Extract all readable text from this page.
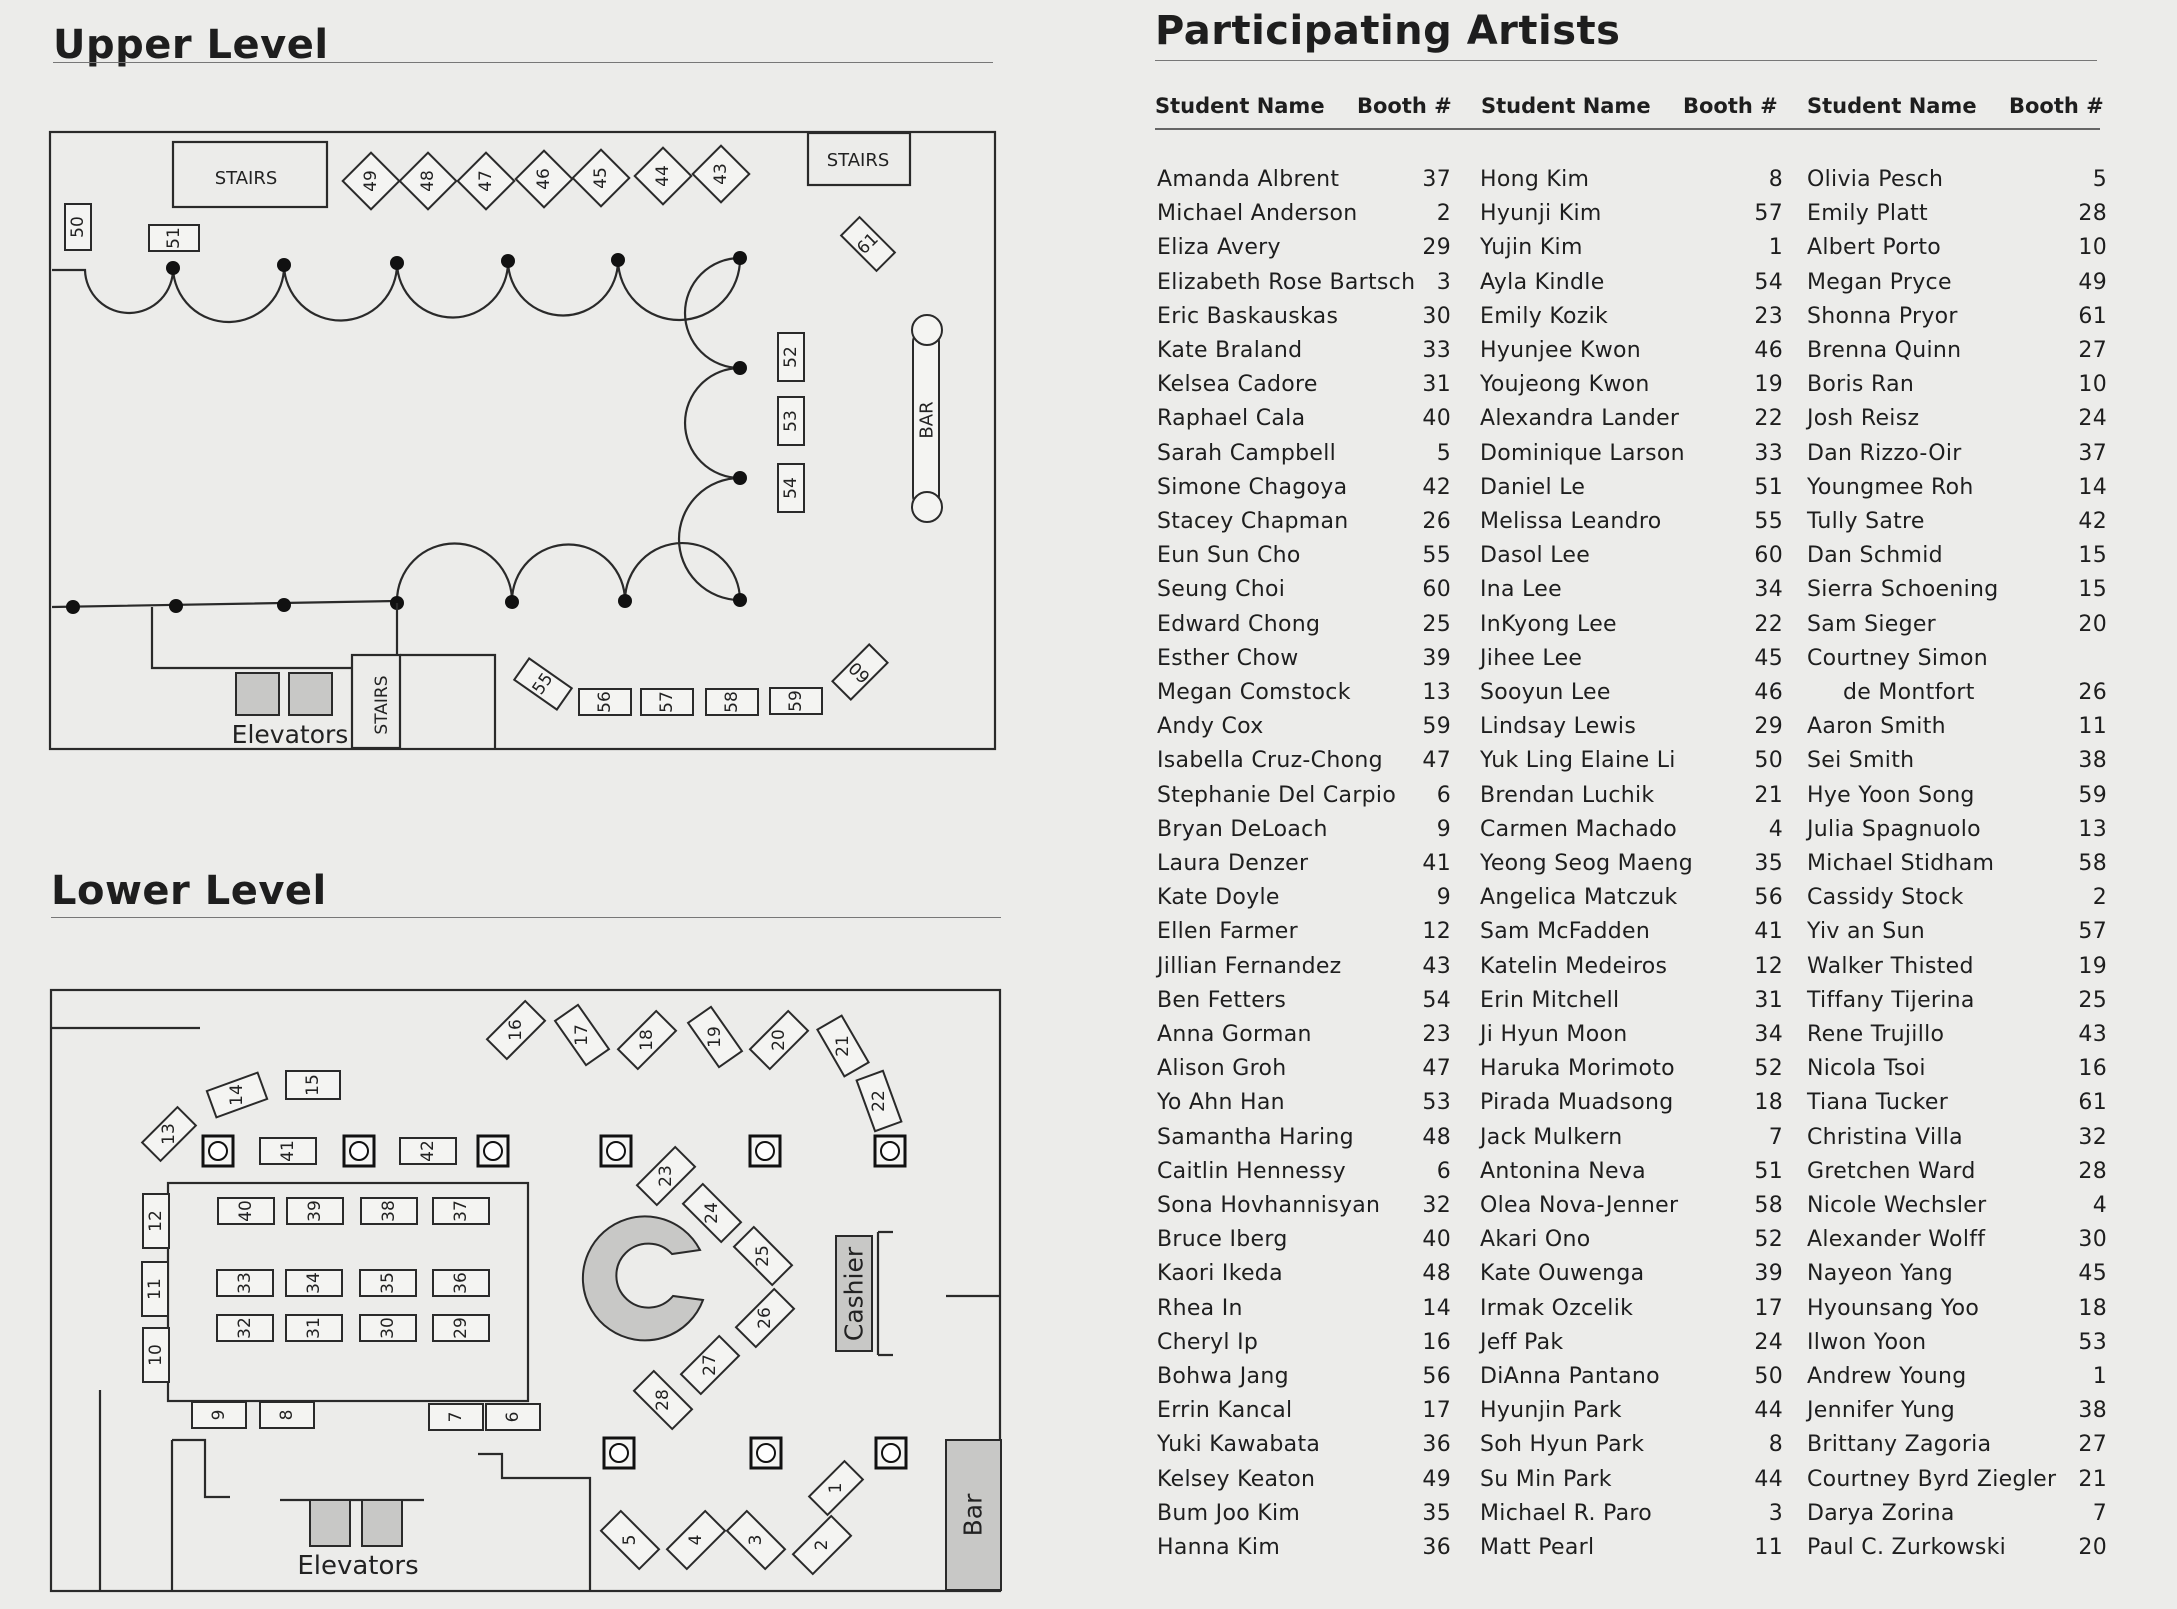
Upper Level
Lower Level
STAIRS
STAIRS
Elevators STAIRS
BAR
49 48 47 46 45 44 43
50
51	61
52
53
54
55
56 57	58	59
60
Elevators
Cashier
Bar
13
14	15
16	17	18	19	20	21
22
41	42
40	39	38	37
33	34	35	36
32	31	30	29
12
11
10
9	8	7 6
23
24
25
26
27
28
1
2
3
4
5
Participating Artists
Student Name Booth # Student Name Booth # Student Name Booth #
Amanda Albrent	37
Michael Anderson	2
Eliza Avery	29
Elizabeth Rose Bartsch 3
Eric Baskauskas	30
Kate Braland	33
Kelsea Cadore	31
Raphael Cala	40
Sarah Campbell	5
Simone Chagoya	42
Stacey Chapman	26
Eun Sun Cho	55
Seung Choi	60
Edward Chong	25
Esther Chow	39
Megan Comstock	13
Andy Cox	59
Isabella Cruz-Chong 47
Stephanie Del Carpio 6
Bryan DeLoach	9
Laura Denzer	41
Kate Doyle	9
Ellen Farmer	12
Jillian Fernandez	43
Ben Fetters	54
Anna Gorman	23
Alison Groh	47
Yo Ahn Han	53
Samantha Haring	48
Caitlin Hennessy	6
Sona Hovhannisyan 32
Bruce Iberg	40
Kaori Ikeda	48
Rhea In	14
Cheryl Ip	16
Bohwa Jang	56
Errin Kancal	17
Yuki Kawabata	36
Kelsey Keaton	49
Bum Joo Kim	35
Hanna Kim	36
Hong Kim	8
Hyunji Kim	57
Yujin Kim	1
Ayla Kindle	54
Emily Kozik	23
Hyunjee Kwon	46
Youjeong Kwon	19
Alexandra Lander	22
Dominique Larson	33
Daniel Le	51
Melissa Leandro	55
Dasol Lee	60
Ina Lee	34
InKyong Lee	22
Jihee Lee	45
Sooyun Lee	46
Lindsay Lewis	29
Yuk Ling Elaine Li	50
Brendan Luchik	21
Carmen Machado	4
Yeong Seog Maeng	35
Angelica Matczuk	56
Sam McFadden	41
Katelin Medeiros	12
Erin Mitchell	31
Ji Hyun Moon	34
Haruka Morimoto	52
Pirada Muadsong	18
Jack Mulkern	7
Antonina Neva	51
Olea Nova-Jenner	58
Akari Ono	52
Kate Ouwenga	39
Irmak Ozcelik	17
Jeff Pak	24
DiAnna Pantano	50
Hyunjin Park	44
Soh Hyun Park	8
Su Min Park	44
Michael R. Paro	3
Matt Pearl	11
Olivia Pesch	5
Emily Platt	28
Albert Porto	10
Megan Pryce	49
Shonna Pryor	61
Brenna Quinn	27
Boris Ran	10
Josh Reisz	24
Dan Rizzo-Oir	37
Youngmee Roh	14
Tully Satre	42
Dan Schmid	15
Sierra Schoening	15
Sam Sieger	20
Courtney Simon
de Montfort	26
Aaron Smith	11
Sei Smith	38
Hye Yoon Song	59
Julia Spagnuolo	13
Michael Stidham	58
Cassidy Stock	2
Yiv an Sun	57
Walker Thisted	19
Tiffany Tijerina	25
Rene Trujillo	43
Nicola Tsoi	16
Tiana Tucker	61
Christina Villa	32
Gretchen Ward	28
Nicole Wechsler	4
Alexander Wolff	30
Nayeon Yang	45
Hyounsang Yoo	18
Ilwon Yoon	53
Andrew Young	1
Jennifer Yung	38
Brittany Zagoria	27
Courtney Byrd Ziegler 21
Darya Zorina	7
Paul C. Zurkowski	20
